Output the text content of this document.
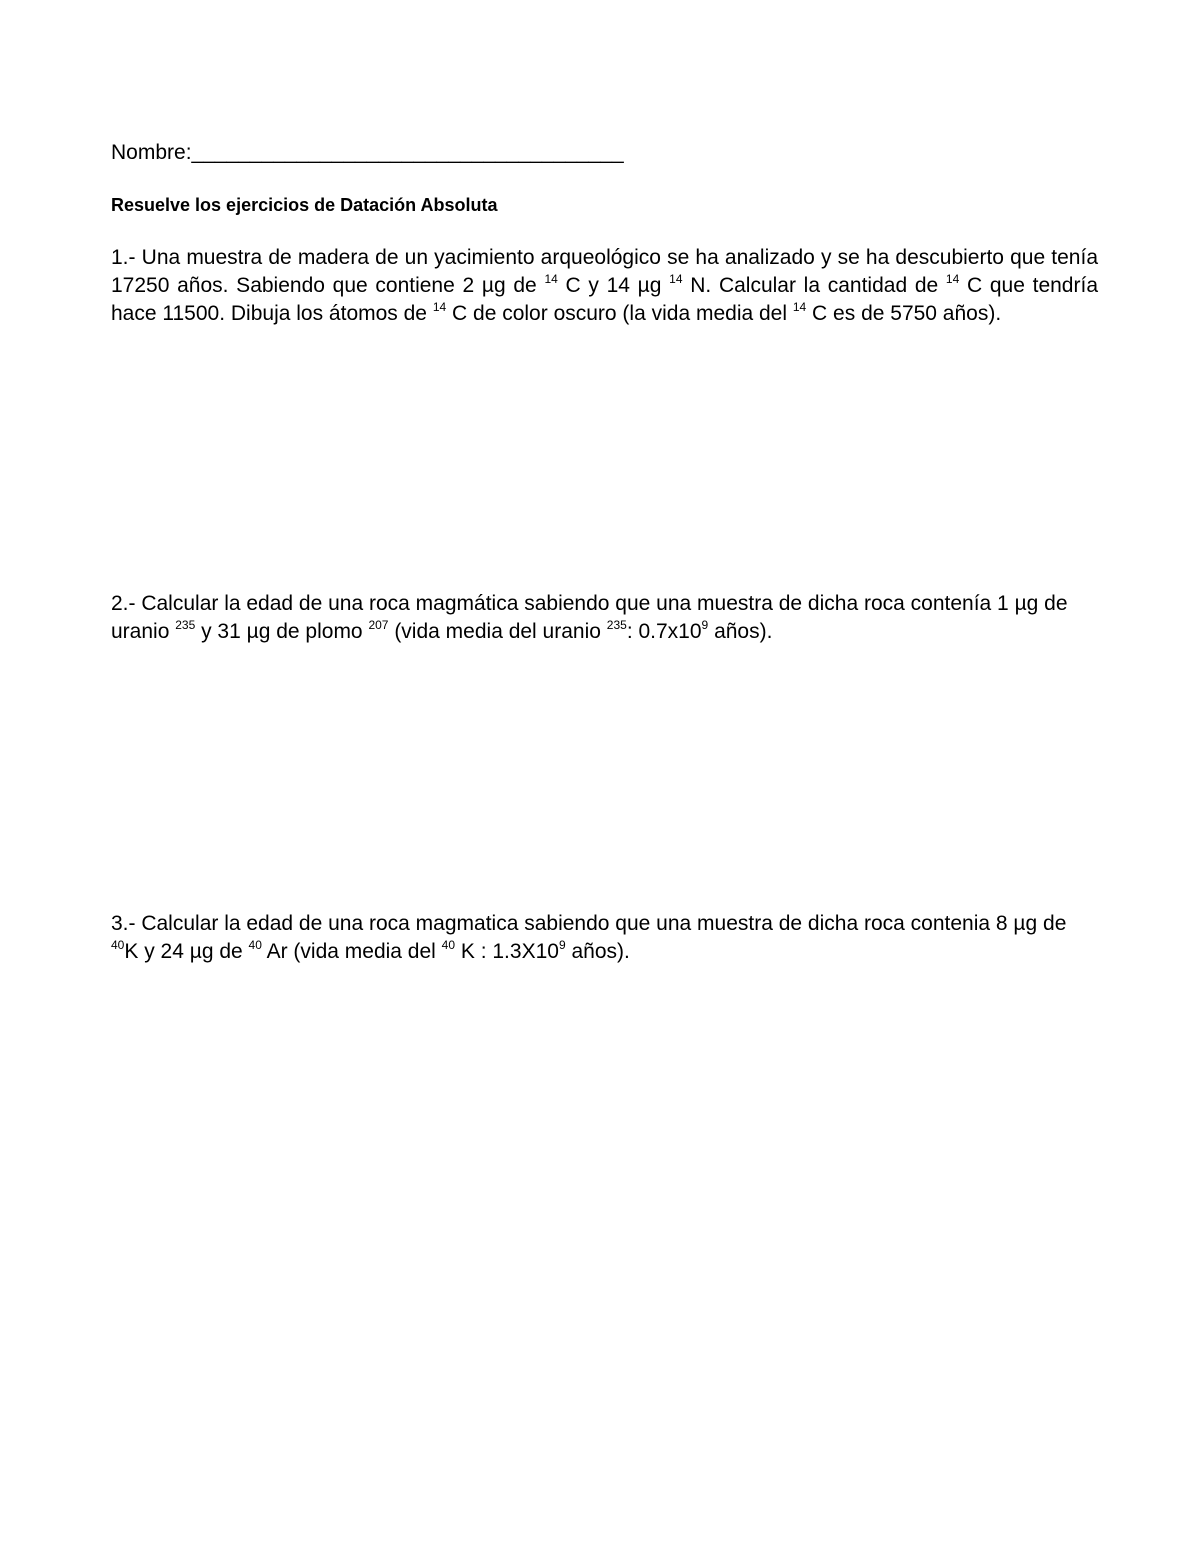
Nombre:_____________________________________
Resuelve los ejercicios de Datación Absoluta
1.- Una muestra de madera de un yacimiento arqueológico se ha analizado y se ha descubierto que tenía 17250 años. Sabiendo que contiene 2 µg de $^{14}$ C y 14 µg $^{14}$ N. Calcular la cantidad de $^{14}$ C que tendría hace 11500. Dibuja los átomos de $^{14}$ C de color oscuro (la vida media del $^{14}$ C es de 5750 años).
2.- Calcular la edad de una roca magmática sabiendo que una muestra de dicha roca contenía 1 µg de uranio $^{235}$ y 31 µg de plomo $^{207}$ (vida media del uranio $^{235}$: $0.7x10^9$ años).
3.- Calcular la edad de una roca magmatica sabiendo que una muestra de dicha roca contenia 8 µg de $^{40}$K y 24 µg de $^{40}$ Ar (vida media del $^{40}$ K : $1.3X10^9$ años).
